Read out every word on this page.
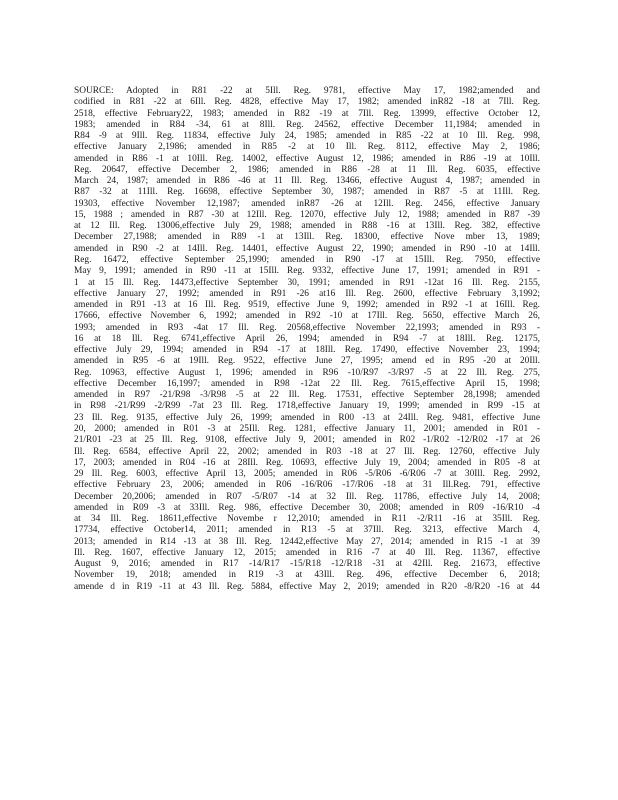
SOURCE: Adopted in R81 -22 at 5Ill. Reg. 9781, effective May 17, 1982;amended and
codified in R81 -22 at 6Ill. Reg. 4828, effective May 17, 1982; amended inR82 -18 at 7Ill. Reg.
2518, effective February22, 1983; amended in R82 -19 at 7Ill. Reg. 13999, effective October 12,
1983; amended in R84 -34, 61 at 8Ill. Reg. 24562, effective December 11,1984; amended in
R84 -9 at 9Ill. Reg. 11834, effective July 24, 1985; amended in R85 -22 at 10 Ill. Reg. 998,
effective January 2,1986; amended in R85 -2 at 10 Ill. Reg. 8112, effective May 2, 1986;
amended in R86 -1 at 10Ill. Reg. 14002, effective August 12, 1986; amended in R86 -19 at 10Ill.
Reg. 20647, effective December 2, 1986; amended in R86 -28 at 11 Ill. Reg. 6035, effective
March 24, 1987; amended in R86 -46 at 11 Ill. Reg. 13466, effective August 4, 1987; amended in
R87 -32 at 11Ill. Reg. 16698, effective September 30, 1987; amended in R87 -5 at 11Ill. Reg.
19303, effective November 12,1987; amended inR87 -26 at 12Ill. Reg. 2456, effective January
15, 1988 ; amended in R87 -30 at 12Ill. Reg. 12070, effective July 12, 1988; amended in R87 -39
at 12 Ill. Reg. 13006,effective July 29, 1988; amended in R88 -16 at 13Ill. Reg. 382, effective
December 27,1988; amended in R89 -1 at 13Ill. Reg. 18300, effective Nove mber 13, 1989;
amended in R90 -2 at 14Ill. Reg. 14401, effective August 22, 1990; amended in R90 -10 at 14Ill.
Reg. 16472, effective September 25,1990; amended in R90 -17 at 15Ill. Reg. 7950, effective
May 9, 1991; amended in R90 -11 at 15Ill. Reg. 9332, effective June 17, 1991; amended in R91 -
1 at 15 Ill. Reg. 14473,effective September 30, 1991; amended in R91 -12at 16 Ill. Reg. 2155,
effective January 27, 1992; amended in R91 -26 at16 Ill. Reg. 2600, effective February 3,1992;
amended in R91 -13 at 16 Ill. Reg. 9519, effective June 9, 1992; amended in R92 -1 at 16Ill. Reg.
17666, effective November 6, 1992; amended in R92 -10 at 17Ill. Reg. 5650, effective March 26,
1993; amended in R93 -4at 17 Ill. Reg. 20568,effective November 22,1993; amended in R93 -
16 at 18 Ill. Reg. 6741,effective April 26, 1994; amended in R94 -7 at 18Ill. Reg. 12175,
effective July 29, 1994; amended in R94 -17 at 18Ill. Reg. 17490, effective November 23, 1994;
amended in R95 -6 at 19Ill. Reg. 9522, effective June 27, 1995; amend ed in R95 -20 at 20Ill.
Reg. 10963, effective August 1, 1996; amended in R96 -10/R97 -3/R97 -5 at 22 Ill. Reg. 275,
effective December 16,1997; amended in R98 -12at 22 Ill. Reg. 7615,effective April 15, 1998;
amended in R97 -21/R98 -3/R98 -5 at 22 Ill. Reg. 17531, effective September 28,1998; amended
in R98 -21/R99 -2/R99 -7at 23 Ill. Reg. 1718,effective January 19, 1999; amended in R99 -15 at
23 Ill. Reg. 9135, effective July 26, 1999; amended in R00 -13 at 24Ill. Reg. 9481, effective June
20, 2000; amended in R01 -3 at 25Ill. Reg. 1281, effective January 11, 2001; amended in R01 -
21/R01 -23 at 25 Ill. Reg. 9108, effective July 9, 2001; amended in R02 -1/R02 -12/R02 -17 at 26
Ill. Reg. 6584, effective April 22, 2002; amended in R03 -18 at 27 Ill. Reg. 12760, effective July
17, 2003; amended in R04 -16 at 28Ill. Reg. 10693, effective July 19, 2004; amended in R05 -8 at
29 Ill. Reg. 6003, effective April 13, 2005; amended in R06 -5/R06 -6/R06 -7 at 30Ill. Reg. 2992,
effective February 23, 2006; amended in R06 -16/R06 -17/R06 -18 at 31 Ill.Reg. 791, effective
December 20,2006; amended in R07 -5/R07 -14 at 32 Ill. Reg. 11786, effective July 14, 2008;
amended in R09 -3 at 33Ill. Reg. 986, effective December 30, 2008; amended in R09 -16/R10 -4
at 34 Ill. Reg. 18611,effective Novembe r 12,2010; amended in R11 -2/R11 -16 at 35Ill. Reg.
17734, effective October14, 2011; amended in R13 -5 at 37Ill. Reg. 3213, effective March 4,
2013; amended in R14 -13 at 38 Ill. Reg. 12442,effective May 27, 2014; amended in R15 -1 at 39
Ill. Reg. 1607, effective January 12, 2015; amended in R16 -7 at 40 Ill. Reg. 11367, effective
August 9, 2016; amended in R17 -14/R17 -15/R18 -12/R18 -31 at 42Ill. Reg. 21673, effective
November 19, 2018; amended in R19 -3 at 43Ill. Reg. 496, effective December 6, 2018;
amende d in R19 -11 at 43 Ill. Reg. 5884, effective May 2, 2019; amended in R20 -8/R20 -16 at 44
